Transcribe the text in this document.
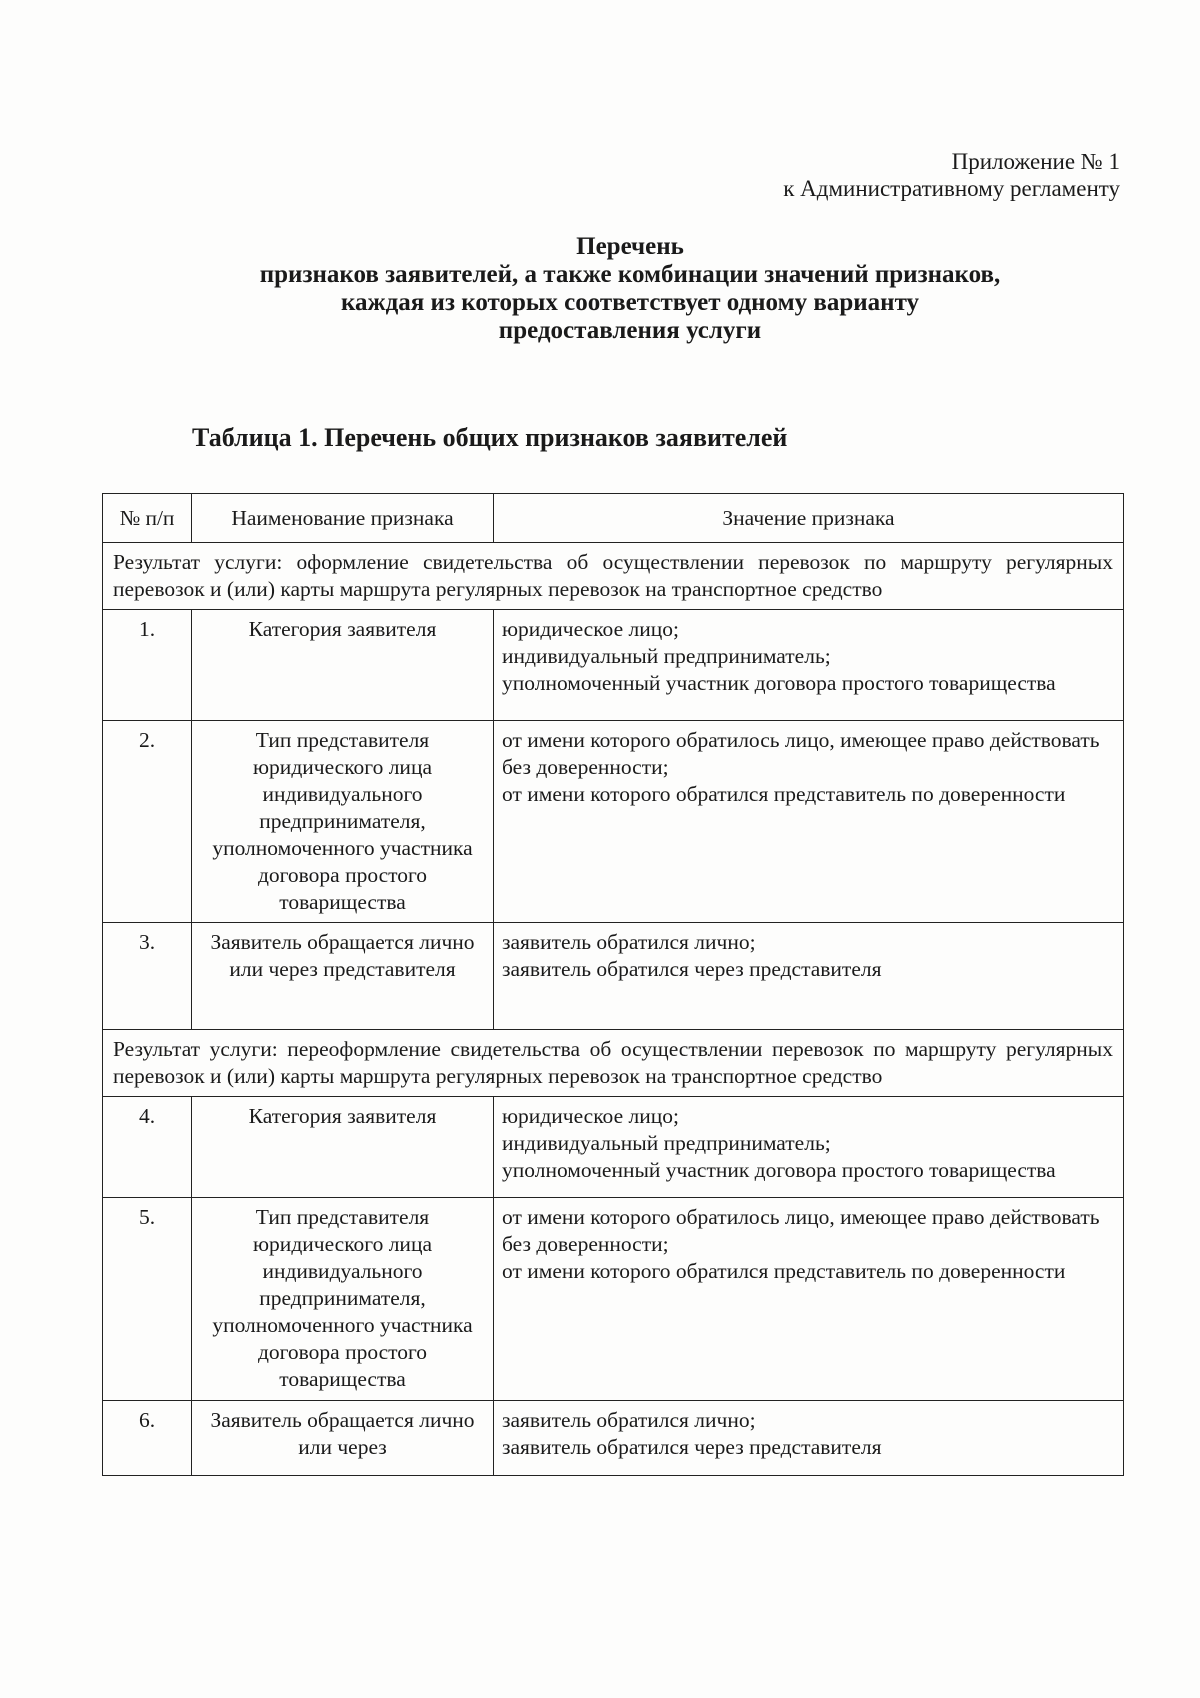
Приложение № 1
к Административному регламенту
Перечень
признаков заявителей, а также комбинации значений признаков,
каждая из которых соответствует одному варианту
предоставления услуги
Таблица 1. Перечень общих признаков заявителей
№ п/п	Наименование признака	Значение признака
Результат услуги: оформление свидетельства об осуществлении перевозок по маршруту регулярных перевозок и (или) карты маршрута регулярных перевозок на транспортное средство		
1.	Категория заявителя	юридическое лицо;
индивидуальный предприниматель;
уполномоченный участник договора простого товарищества

2.	Тип представителя юридического лица индивидуального предпринимателя, уполномоченного участника договора простого товарищества	от имени которого обратилось лицо, имеющее право действовать без доверенности;
от имени которого обратился представитель по доверенности

3.	Заявитель обращается лично или через представителя	заявитель обратился лично;
заявитель обратился через представителя

Результат услуги: переоформление свидетельства об осуществлении перевозок по маршруту регулярных перевозок и (или) карты маршрута регулярных перевозок на транспортное средство		
4.	Категория заявителя	юридическое лицо;
индивидуальный предприниматель;
уполномоченный участник договора простого товарищества

5.	Тип представителя юридического лица индивидуального предпринимателя, уполномоченного участника договора простого товарищества	от имени которого обратилось лицо, имеющее право действовать без доверенности;
от имени которого обратился представитель по доверенности

6.	Заявитель обращается лично или через	заявитель обратился лично;
заявитель обратился через представителя
